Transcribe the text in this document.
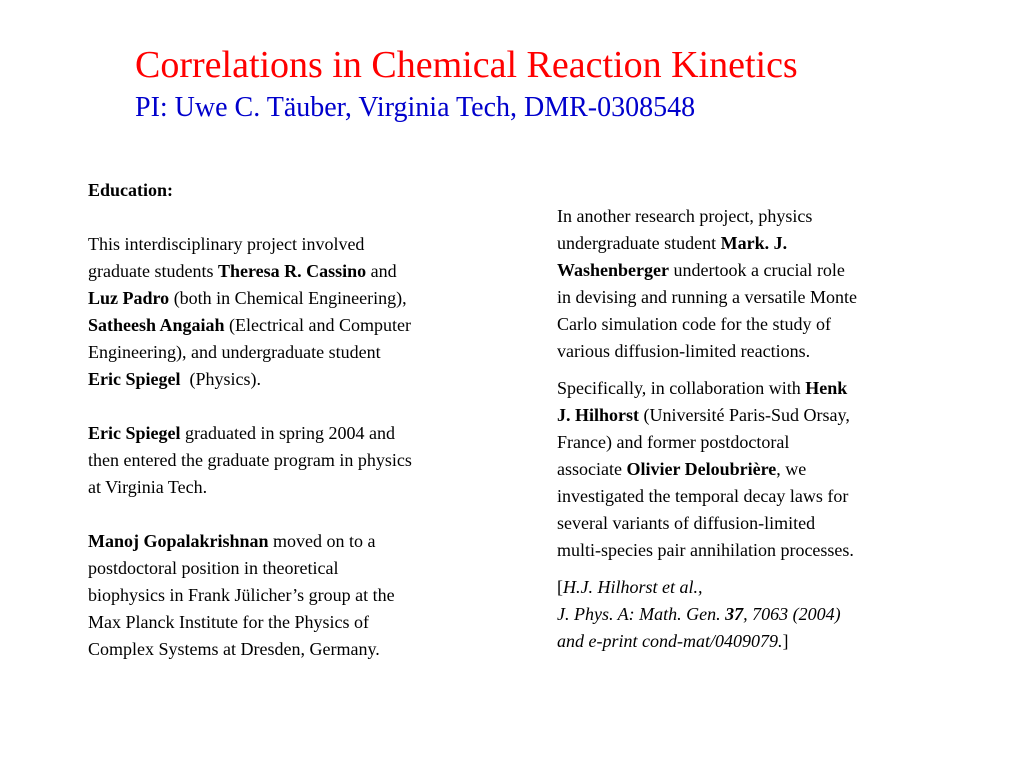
Correlations in Chemical Reaction Kinetics
PI: Uwe C. Täuber, Virginia Tech, DMR-0308548
Education:
This interdisciplinary project involved
graduate students Theresa R. Cassino and
Luz Padro (both in Chemical Engineering),
Satheesh Angaiah (Electrical and Computer
Engineering), and undergraduate student
Eric Spiegel  (Physics).
Eric Spiegel graduated in spring 2004 and
then entered the graduate program in physics
at Virginia Tech.
Manoj Gopalakrishnan moved on to a
postdoctoral position in theoretical
biophysics in Frank Jülicher’s group at the
Max Planck Institute for the Physics of
Complex Systems at Dresden, Germany.
In another research project, physics
undergraduate student Mark. J.
Washenberger undertook a crucial role
in devising and running a versatile Monte
Carlo simulation code for the study of
various diffusion-limited reactions.
Specifically, in collaboration with Henk
J. Hilhorst (Université Paris-Sud Orsay,
France) and former postdoctoral
associate Olivier Deloubrière, we
investigated the temporal decay laws for
several variants of diffusion-limited
multi-species pair annihilation processes.
[H.J. Hilhorst et al.,
J. Phys. A: Math. Gen. 37, 7063 (2004)
and e-print cond-mat/0409079.]
